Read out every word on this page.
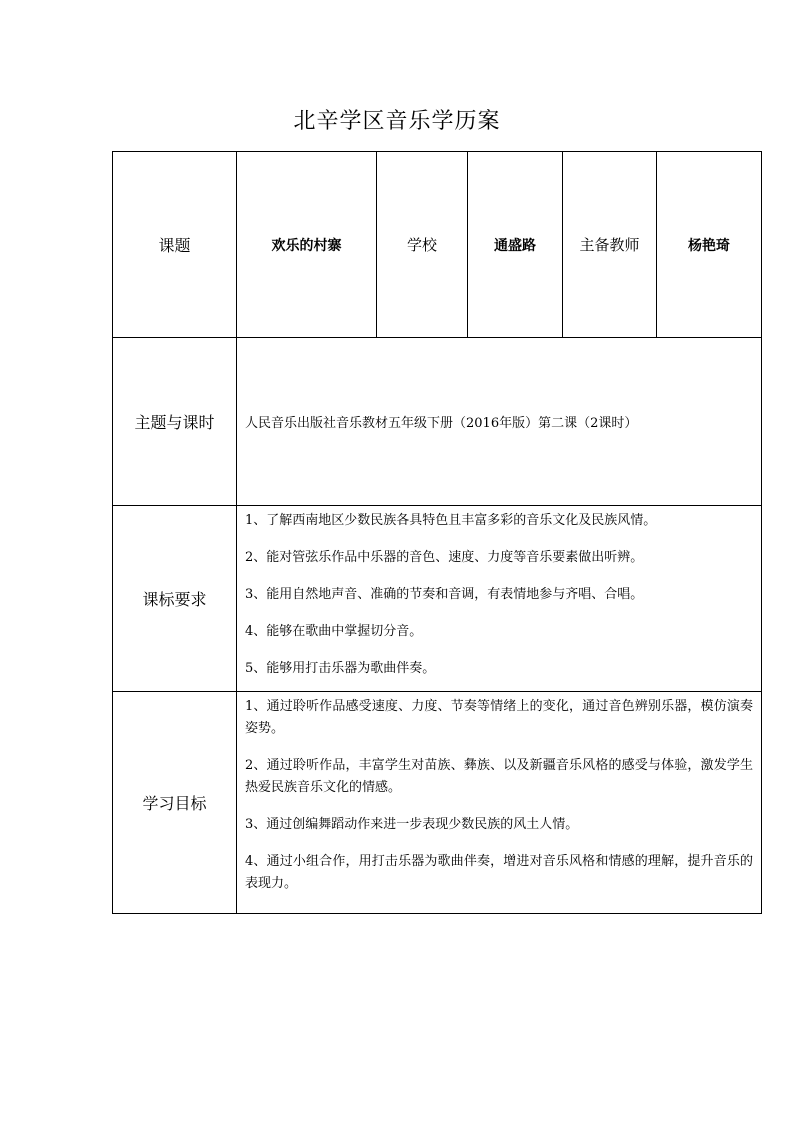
北辛学区音乐学历案
课题	欢乐的村寨	学校	通盛路	主备教师	杨艳琦
主题与课时	人民音乐出版社音乐教材五年级下册（2016年版）第二课（2课时）				
课标要求	1、了解西南地区少数民族各具特色且丰富多彩的音乐文化及民族风情。

2、能对管弦乐作品中乐器的音色、速度、力度等音乐要素做出听辨。

3、能用自然地声音、准确的节奏和音调，有表情地参与齐唱、合唱。

4、能够在歌曲中掌握切分音。

5、能够用打击乐器为歌曲伴奏。				

学习目标	1、通过聆听作品感受速度、力度、节奏等情绪上的变化，通过音色辨别乐器，模仿演奏姿势。

2、通过聆听作品，丰富学生对苗族、彝族、以及新疆音乐风格的感受与体验，激发学生热爱民族音乐文化的情感。

3、通过创编舞蹈动作来进一步表现少数民族的风土人情。

4、通过小组合作，用打击乐器为歌曲伴奏，增进对音乐风格和情感的理解，提升音乐的表现力。				
